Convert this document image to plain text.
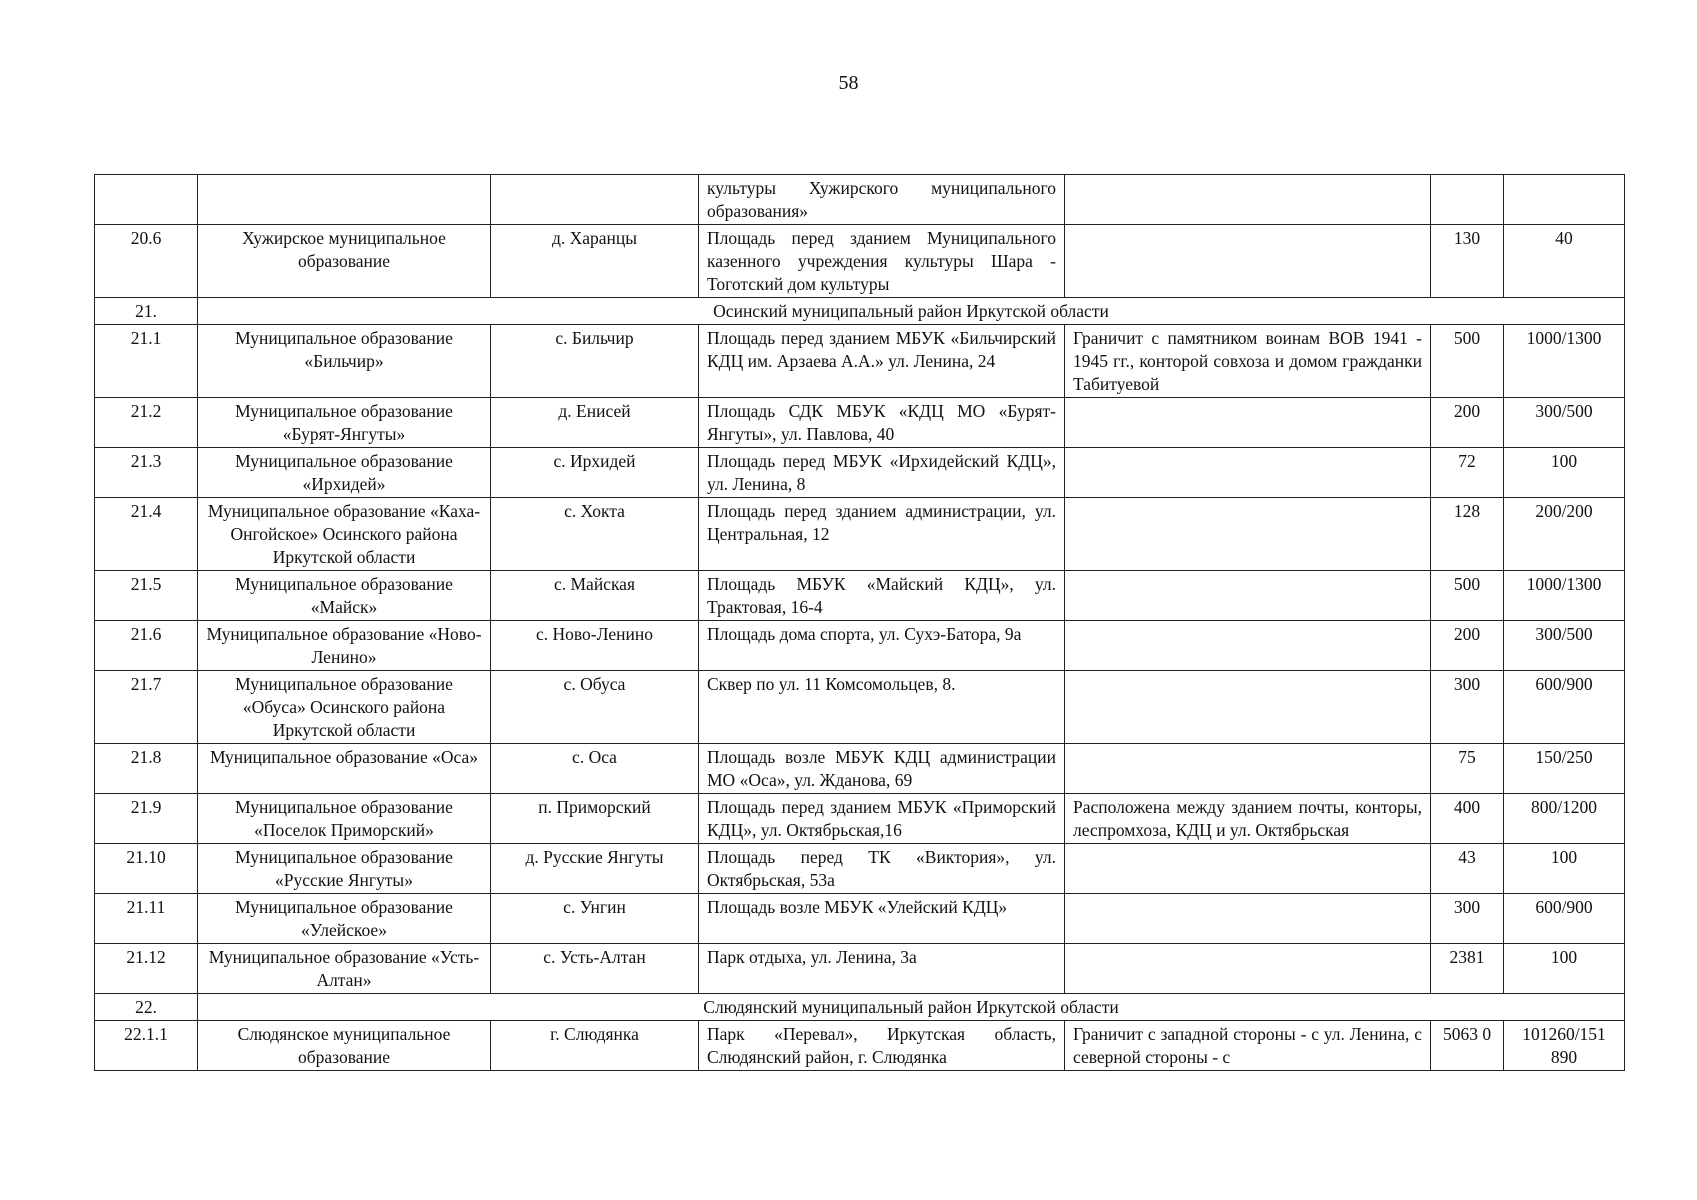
58
			культуры Хужирского муниципального образования»			
20.6	Хужирское муниципальное образование	д. Харанцы	Площадь перед зданием Муниципального казенного учреждения культуры Шара - Тоготский дом культуры		130	40
21.	Осинский муниципальный район Иркутской области					
21.1	Муниципальное образование «Бильчир»	с. Бильчир	Площадь перед зданием МБУК «Бильчирский КДЦ им. Арзаева А.А.» ул. Ленина, 24	Граничит с памятником воинам ВОВ 1941 - 1945 гг., конторой совхоза и домом гражданки Табитуевой	500	1000/1300
21.2	Муниципальное образование «Бурят-Янгуты»	д. Енисей	Площадь СДК МБУК «КДЦ МО «Бурят-Янгуты», ул. Павлова, 40		200	300/500
21.3	Муниципальное образование «Ирхидей»	с. Ирхидей	Площадь перед МБУК «Ирхидейский КДЦ», ул. Ленина, 8		72	100
21.4	Муниципальное образование «Каха-Онгойское» Осинского района Иркутской области	с. Хокта	Площадь перед зданием администрации, ул. Центральная, 12		128	200/200
21.5	Муниципальное образование «Майск»	с. Майская	Площадь МБУК «Майский КДЦ», ул. Трактовая, 16-4		500	1000/1300
21.6	Муниципальное образование «Ново-Ленино»	с. Ново-Ленино	Площадь дома спорта, ул. Сухэ-Батора, 9а		200	300/500
21.7	Муниципальное образование «Обуса» Осинского района Иркутской области	с. Обуса	Сквер по ул. 11 Комсомольцев, 8.		300	600/900
21.8	Муниципальное образование «Оса»	с. Оса	Площадь возле МБУК КДЦ администрации МО «Оса», ул. Жданова, 69		75	150/250
21.9	Муниципальное образование «Поселок Приморский»	п. Приморский	Площадь перед зданием МБУК «Приморский КДЦ», ул. Октябрьская,16	Расположена между зданием почты, конторы, леспромхоза, КДЦ и ул. Октябрьская	400	800/1200
21.10	Муниципальное образование «Русские Янгуты»	д. Русские Янгуты	Площадь перед ТК «Виктория», ул. Октябрьская, 53а		43	100
21.11	Муниципальное образование «Улейское»	с. Унгин	Площадь возле МБУК «Улейский КДЦ»		300	600/900
21.12	Муниципальное образование «Усть-Алтан»	с. Усть-Алтан	Парк отдыха, ул. Ленина, 3а		2381	100
22.	Слюдянский муниципальный район Иркутской области					
22.1.1	Слюдянское муниципальное образование	г. Слюдянка	Парк «Перевал», Иркутская область, Слюдянский район, г. Слюдянка	Граничит с западной стороны - с ул. Ленина, с северной стороны - с	5063 0	101260/151 890
